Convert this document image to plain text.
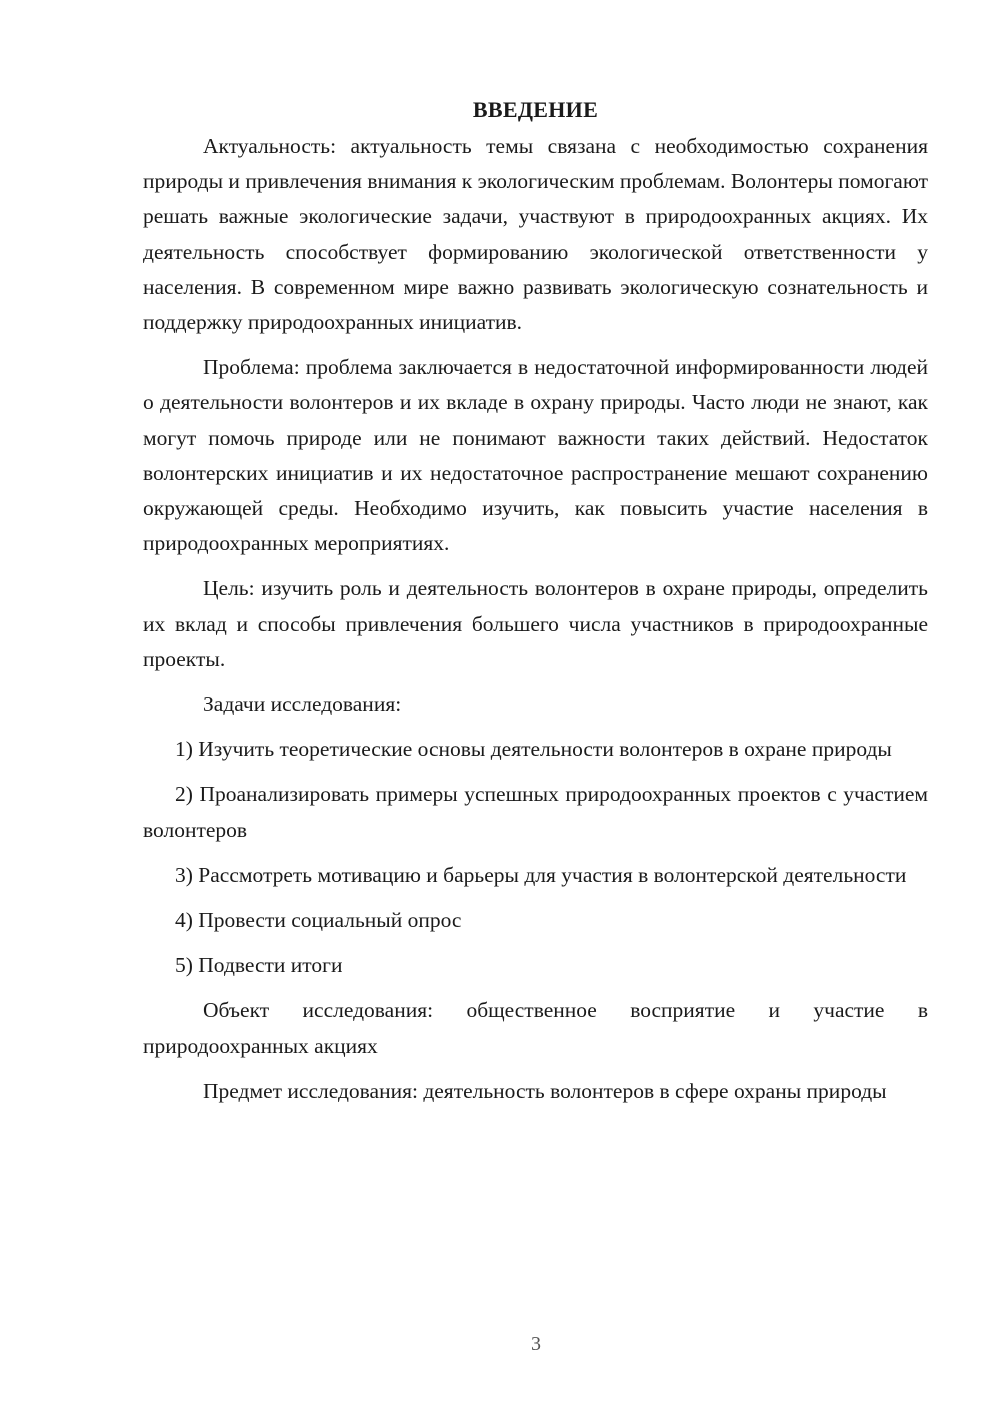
ВВЕДЕНИЕ

Актуальность: актуальность темы связана с необходимостью сохранения природы и привлечения внимания к экологическим проблемам. Волонтеры помогают решать важные экологические задачи, участвуют в природоохранных акциях. Их деятельность способствует формированию экологической ответственности у населения. В современном мире важно развивать экологическую сознательность и поддержку природоохранных инициатив.

Проблема: проблема заключается в недостаточной информированности людей о деятельности волонтеров и их вкладе в охрану природы. Часто люди не знают, как могут помочь природе или не понимают важности таких действий. Недостаток волонтерских инициатив и их недостаточное распространение мешают сохранению окружающей среды. Необходимо изучить, как повысить участие населения в природоохранных мероприятиях.

Цель: изучить роль и деятельность волонтеров в охране природы, определить их вклад и способы привлечения большего числа участников в природоохранные проекты.

Задачи исследования:

1) Изучить теоретические основы деятельности волонтеров в охране природы

2) Проанализировать примеры успешных природоохранных проектов с участием волонтеров

3) Рассмотреть мотивацию и барьеры для участия в волонтерской деятельности

4) Провести социальный опрос

5) Подвести итоги

Объект исследования: общественное восприятие и участие в природоохранных акциях

Предмет исследования: деятельность волонтеров в сфере охраны природы

3
